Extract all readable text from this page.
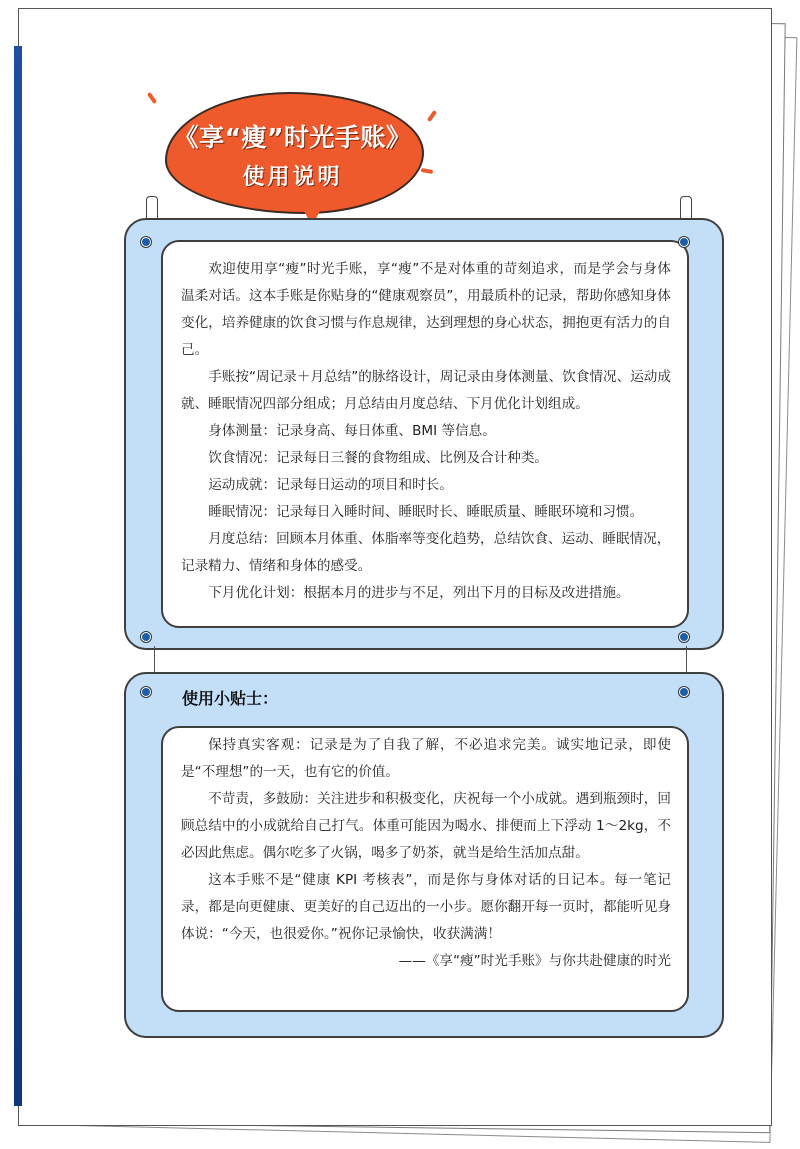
《享“瘦”时光手账》
使用说明

欢迎使用享“瘦”时光手账，享“瘦”不是对体重的苛刻追求，而是学会与身体温柔对话。这本手账是你贴身的“健康观察员”，用最质朴的记录，帮助你感知身体变化，培养健康的饮食习惯与作息规律，达到理想的身心状态，拥抱更有活力的自己。

手账按“周记录＋月总结”的脉络设计，周记录由身体测量、饮食情况、运动成就、睡眠情况四部分组成；月总结由月度总结、下月优化计划组成。

身体测量：记录身高、每日体重、BMI 等信息。

饮食情况：记录每日三餐的食物组成、比例及合计种类。

运动成就：记录每日运动的项目和时长。

睡眠情况：记录每日入睡时间、睡眠时长、睡眠质量、睡眠环境和习惯。

月度总结：回顾本月体重、体脂率等变化趋势，总结饮食、运动、睡眠情况，记录精力、情绪和身体的感受。

下月优化计划：根据本月的进步与不足，列出下月的目标及改进措施。

使用小贴士：

保持真实客观：记录是为了自我了解，不必追求完美。诚实地记录，即使是“不理想”的一天，也有它的价值。

不苛责，多鼓励：关注进步和积极变化，庆祝每一个小成就。遇到瓶颈时，回顾总结中的小成就给自己打气。体重可能因为喝水、排便而上下浮动 1～2kg，不必因此焦虑。偶尔吃多了火锅，喝多了奶茶，就当是给生活加点甜。

这本手账不是“健康 KPI 考核表”，而是你与身体对话的日记本。每一笔记录，都是向更健康、更美好的自己迈出的一小步。愿你翻开每一页时，都能听见身体说：“今天，也很爱你。”祝你记录愉快，收获满满！

——《享“瘦”时光手账》与你共赴健康的时光
